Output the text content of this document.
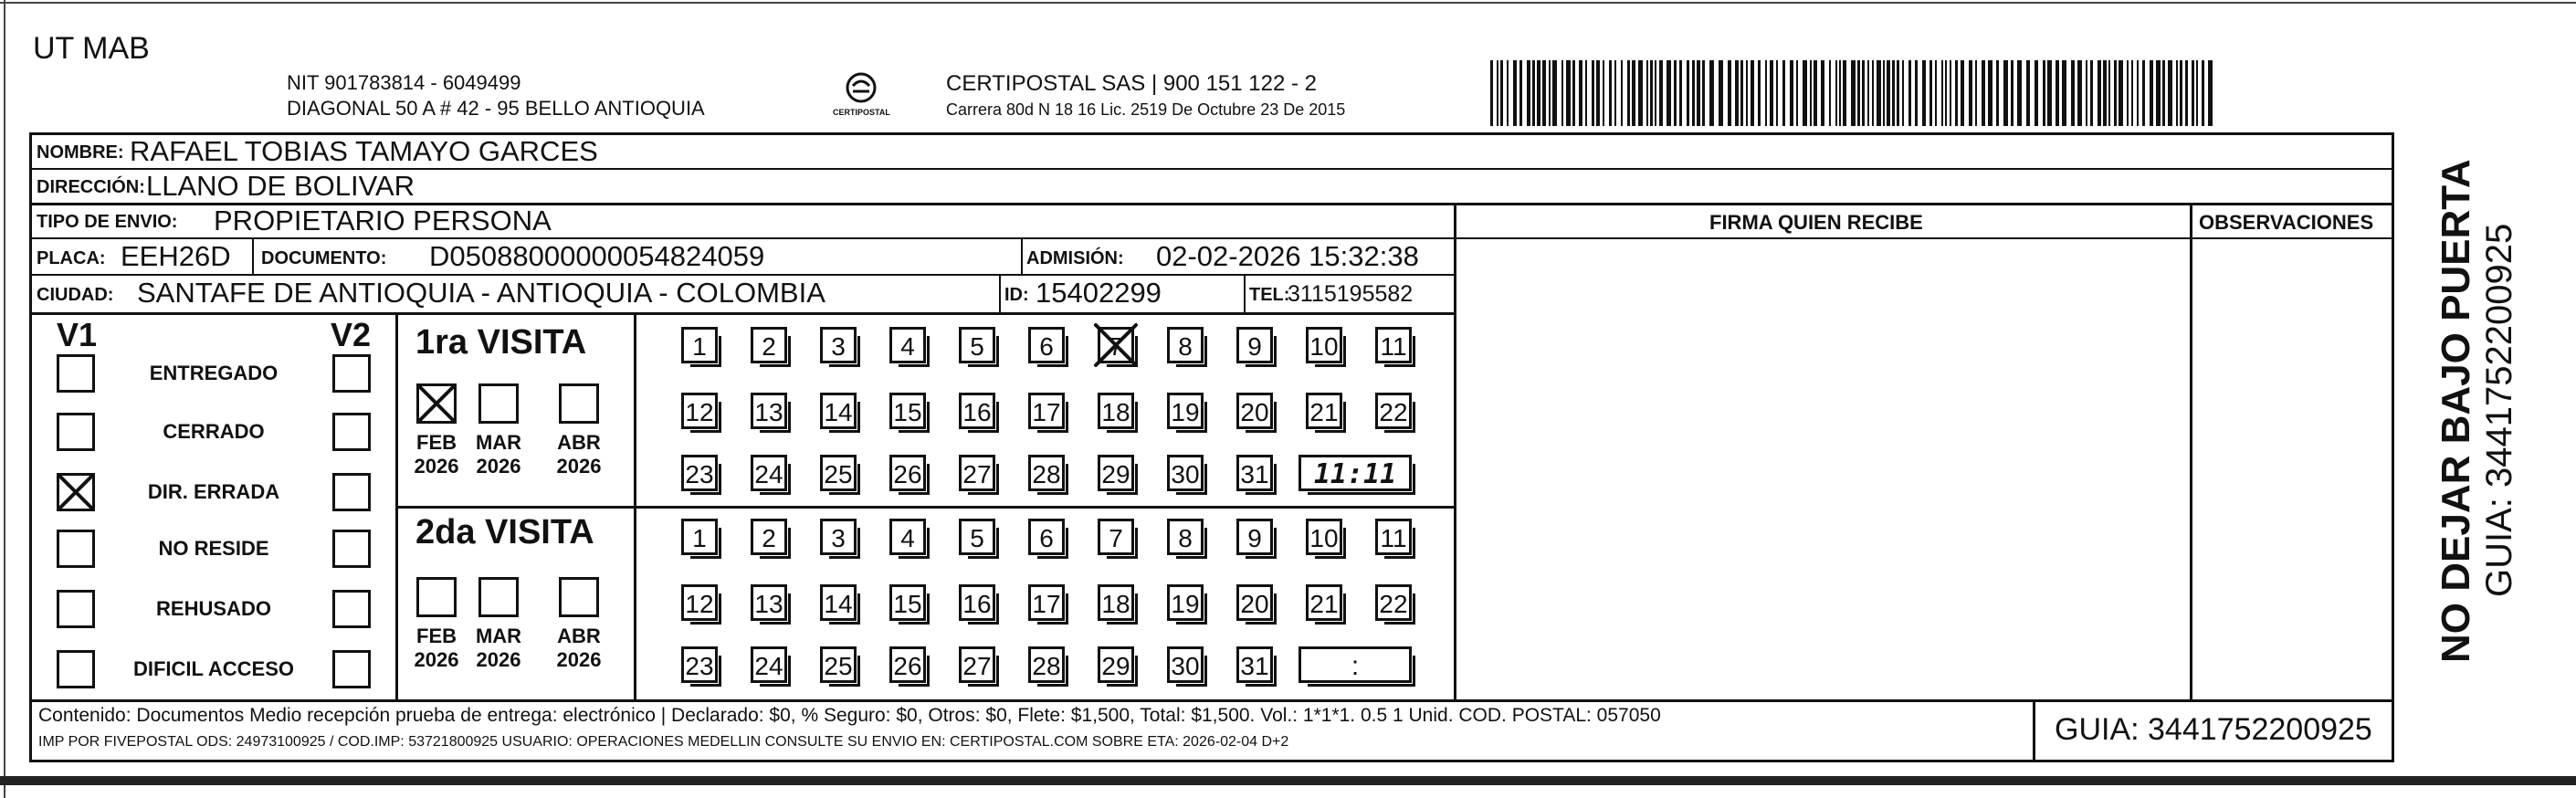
UT MAB
NIT 901783814 - 6049499
DIAGONAL 50 A # 42 - 95 BELLO ANTIOQUIA	CERTIPOSTAL
CERTIPOSTAL SAS | 900 151 122 - 2
Carrera 80d N 18 16 Lic. 2519 De Octubre 23 De 2015
NOMBRE: RAFAEL TOBIAS TAMAYO GARCES
DIRECCIÓN: LLANO DE BOLIVAR
TIPO DE ENVIO: PROPIETARIO PERSONA
PLACA: EEH26D DOCUMENTO: D05088000000054824059	ADMISIÓN: 02-02-2026 15:32:38
CIUDAD: SANTAFE DE ANTIOQUIA - ANTIOQUIA - COLOMBIA	ID: 15402299	TEL:
3115195582
FIRMA QUIEN RECIBE	OBSERVACIONES
V1	V2 1ra VISITA
2da VISITA
Contenido: Documentos Medio recepción prueba de entrega: electrónico | Declarado: $0, % Seguro: $0, Otros: $0, Flete: $1,500, Total: $1,500. Vol.: 1*1*1. 0.5 1 Unid. COD. POSTAL: 057050
IMP POR FIVEPOSTAL ODS: 24973100925 / COD.IMP: 53721800925 USUARIO: OPERACIONES MEDELLIN CONSULTE SU ENVIO EN: CERTIPOSTAL.COM SOBRE ETA: 2026-02-04 D+2	GUIA: 3441752200925
NO DEJAR BAJO PUERTA GUIA: 3441752200925
ENTREGADO
CERRADO
DIR. ERRADA
NO RESIDE
REHUSADO
DIFICIL ACCESO
FEB
2026
MAR
2026
ABR
2026
1	2	3	4	5	6	7	8	9	10 11
12 13 14 15 16 17 18 19 20 21 22
23 24 25 26 27 28 29 30 31	11:11
FEB
2026
MAR
2026
ABR
2026
1	2	3	4	5	6	7	8	9	10 11
12 13 14 15 16 17 18 19 20 21 22
23 24 25 26 27 28 29 30 31	:
